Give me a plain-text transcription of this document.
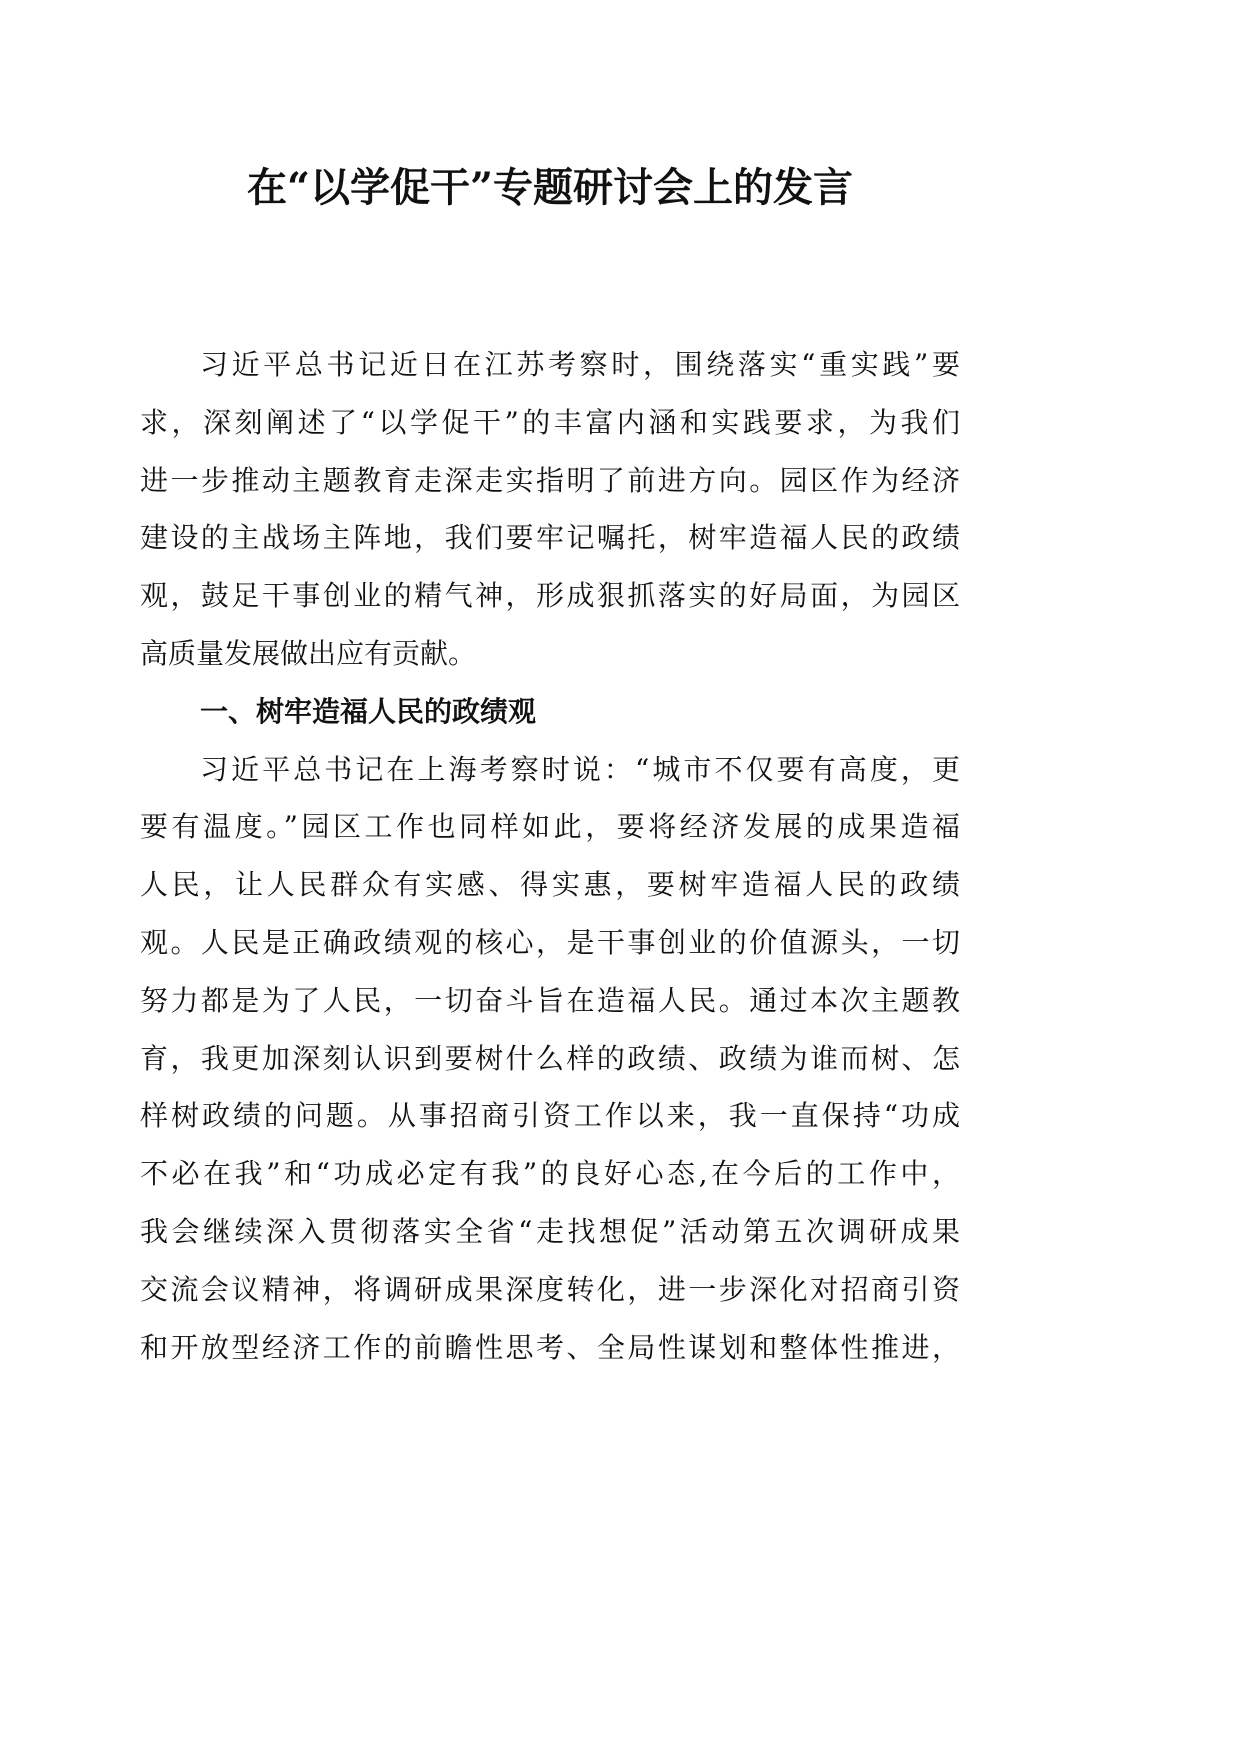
在“以学促干”专题研讨会上的发言
习近平总书记近日在江苏考察时，围绕落实“重实践”要
求，深刻阐述了“以学促干”的丰富内涵和实践要求，为我们
进一步推动主题教育走深走实指明了前进方向。园区作为经济
建设的主战场主阵地，我们要牢记嘱托，树牢造福人民的政绩
观，鼓足干事创业的精气神，形成狠抓落实的好局面，为园区
高质量发展做出应有贡献。
一、树牢造福人民的政绩观
习近平总书记在上海考察时说：“城市不仅要有高度，更
要有温度。”园区工作也同样如此，要将经济发展的成果造福
人民，让人民群众有实感、得实惠，要树牢造福人民的政绩
观。人民是正确政绩观的核心，是干事创业的价值源头，一切
努力都是为了人民，一切奋斗旨在造福人民。通过本次主题教
育，我更加深刻认识到要树什么样的政绩、政绩为谁而树、怎
样树政绩的问题。从事招商引资工作以来，我一直保持“功成
不必在我”和“功成必定有我”的良好心态,在今后的工作中，
我会继续深入贯彻落实全省“走找想促”活动第五次调研成果
交流会议精神，将调研成果深度转化，进一步深化对招商引资
和开放型经济工作的前瞻性思考、全局性谋划和整体性推进，
